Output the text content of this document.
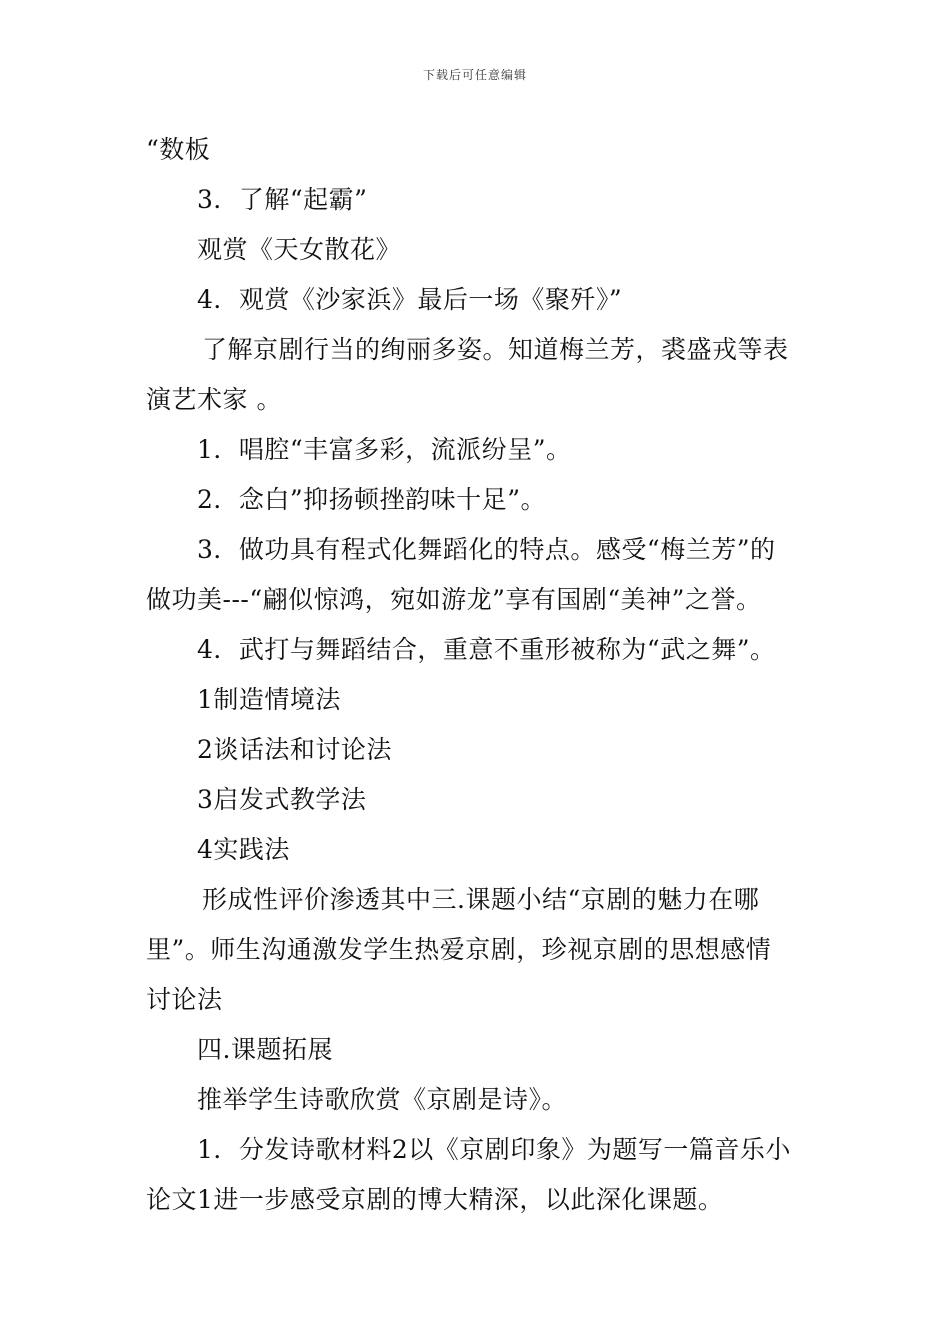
下载后可任意编辑
“数板
3．了解“起霸”
观赏《天女散花》
4．观赏《沙家浜》最后一场《聚歼》”
了解京剧行当的绚丽多姿。知道梅兰芳，裘盛戎等表
演艺术家 。
1．唱腔“丰富多彩，流派纷呈”。
2．念白”抑扬顿挫韵味十足”。
3．做功具有程式化舞蹈化的特点。感受“梅兰芳”的
做功美---“翩似惊鸿，宛如游龙”享有国剧“美神”之誉。
4．武打与舞蹈结合，重意不重形被称为“武之舞”。
1制造情境法
2谈话法和讨论法
3启发式教学法
4实践法
形成性评价渗透其中三.课题小结“京剧的魅力在哪
里”。师生沟通激发学生热爱京剧，珍视京剧的思想感情
讨论法
四.课题拓展
推举学生诗歌欣赏《京剧是诗》。
1．分发诗歌材料2以《京剧印象》为题写一篇音乐小
论文1进一步感受京剧的博大精深，以此深化课题。
